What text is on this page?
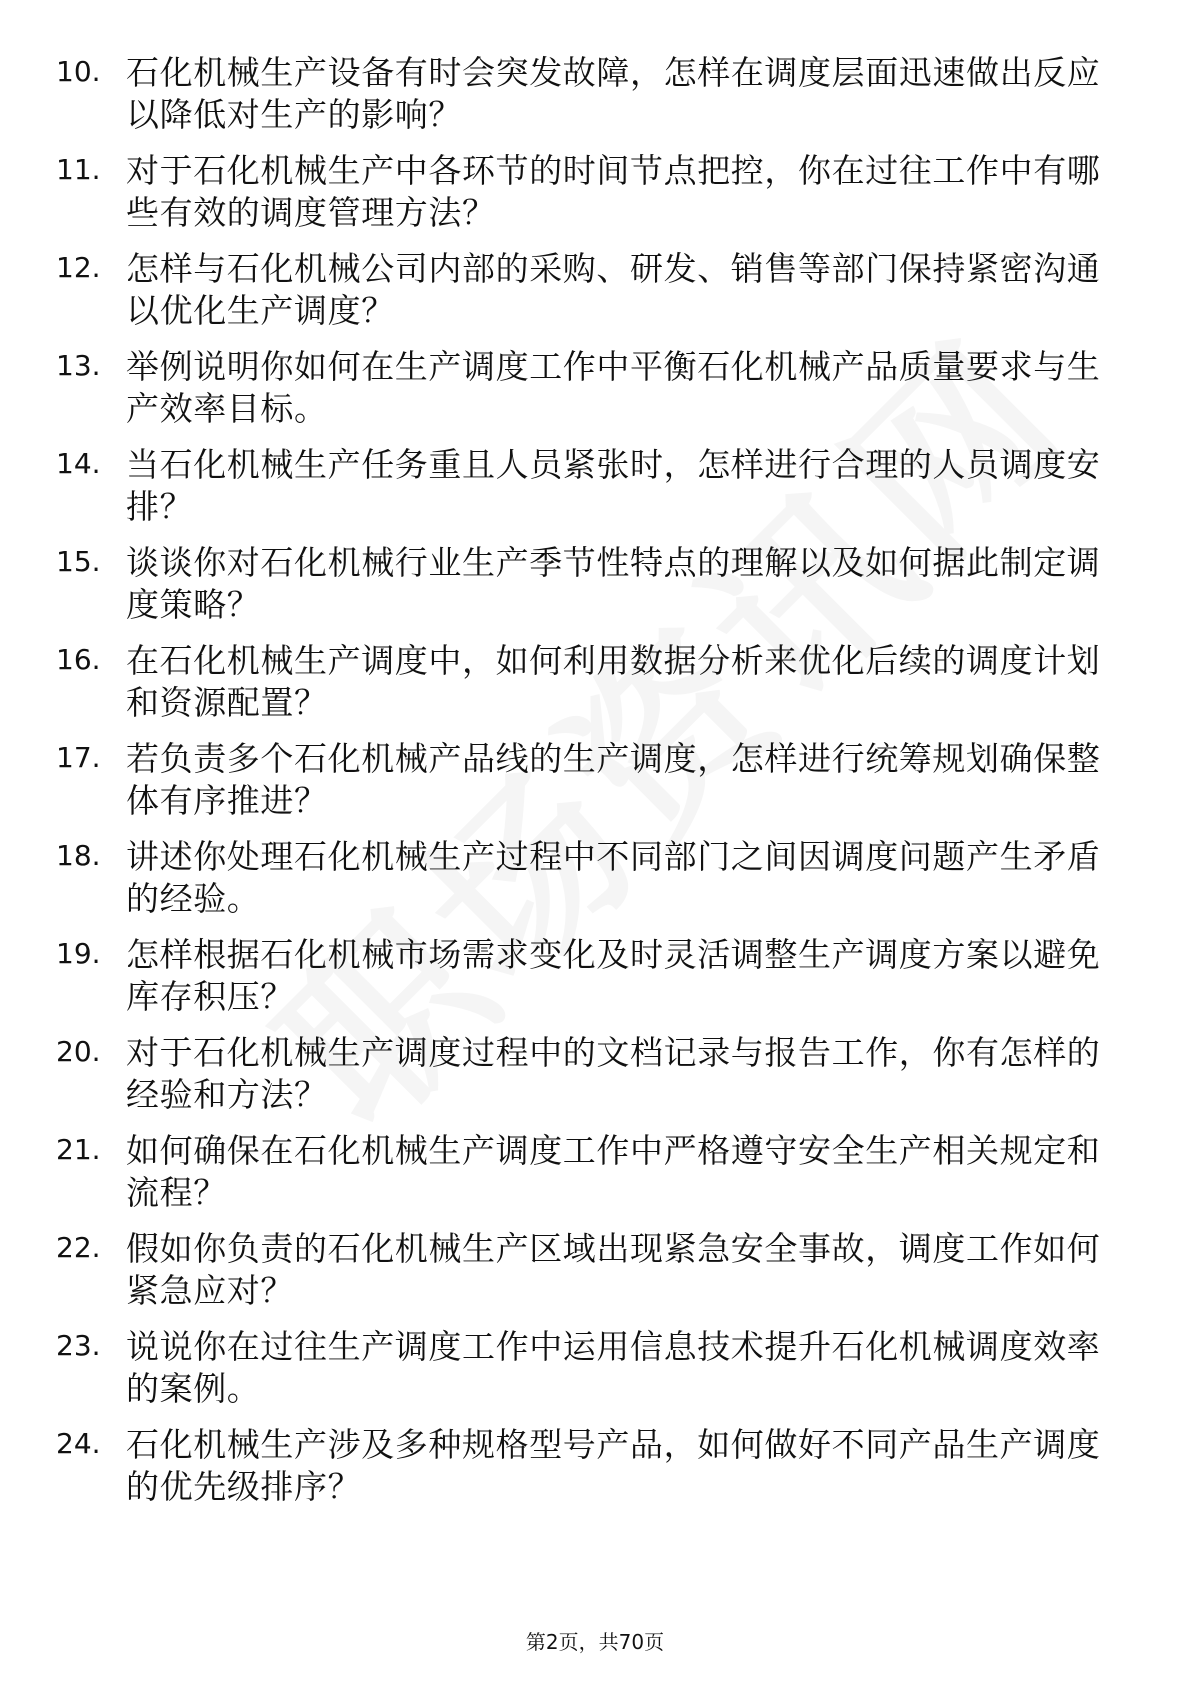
10. 石化机械生产设备有时会突发故障，怎样在调度层面迅速做出反应以降低对生产的影响？
11. 对于石化机械生产中各环节的时间节点把控，你在过往工作中有哪些有效的调度管理方法？
12. 怎样与石化机械公司内部的采购、研发、销售等部门保持紧密沟通以优化生产调度？
13. 举例说明你如何在生产调度工作中平衡石化机械产品质量要求与生产效率目标。
14. 当石化机械生产任务重且人员紧张时，怎样进行合理的人员调度安排？
15. 谈谈你对石化机械行业生产季节性特点的理解以及如何据此制定调度策略？
16. 在石化机械生产调度中，如何利用数据分析来优化后续的调度计划和资源配置？
17. 若负责多个石化机械产品线的生产调度，怎样进行统筹规划确保整体有序推进？
18. 讲述你处理石化机械生产过程中不同部门之间因调度问题产生矛盾的经验。
19. 怎样根据石化机械市场需求变化及时灵活调整生产调度方案以避免库存积压？
20. 对于石化机械生产调度过程中的文档记录与报告工作，你有怎样的经验和方法？
21. 如何确保在石化机械生产调度工作中严格遵守安全生产相关规定和流程？
22. 假如你负责的石化机械生产区域出现紧急安全事故，调度工作如何紧急应对？
23. 说说你在过往生产调度工作中运用信息技术提升石化机械调度效率的案例。
24. 石化机械生产涉及多种规格型号产品，如何做好不同产品生产调度的优先级排序？
第2页，共70页
